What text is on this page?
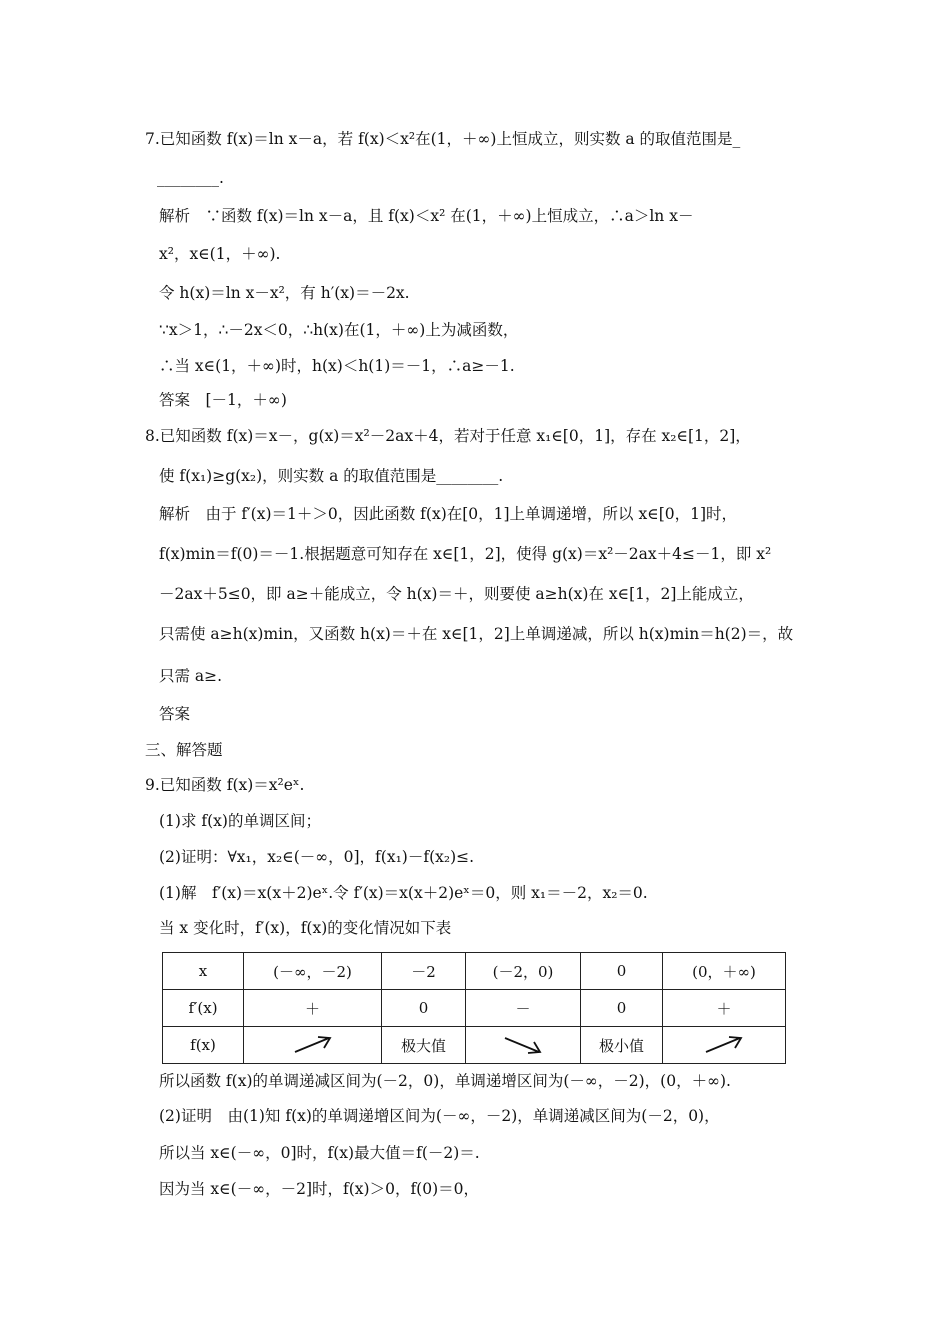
7.已知函数 f(x)＝ln x－a，若 f(x)＜x²在(1，＋∞)上恒成立，则实数 a 的取值范围是_
________.
解析　∵函数 f(x)＝ln x－a，且 f(x)＜x² 在(1，＋∞)上恒成立，∴a＞ln x－
x²，x∈(1，＋∞).
令 h(x)＝ln x－x²，有 h′(x)＝－2x.
∵x＞1，∴－2x＜0，∴h(x)在(1，＋∞)上为减函数，
∴当 x∈(1，＋∞)时，h(x)＜h(1)＝－1，∴a≥－1.
答案　[－1，＋∞)
8.已知函数 f(x)＝x－，g(x)＝x²－2ax＋4，若对于任意 x₁∈[0，1]，存在 x₂∈[1，2]，
使 f(x₁)≥g(x₂)，则实数 a 的取值范围是________.
解析　由于 f′(x)＝1＋＞0，因此函数 f(x)在[0，1]上单调递增，所以 x∈[0，1]时，
f(x)min＝f(0)＝－1.根据题意可知存在 x∈[1，2]，使得 g(x)＝x²－2ax＋4≤－1，即 x²
－2ax＋5≤0，即 a≥＋能成立，令 h(x)＝＋，则要使 a≥h(x)在 x∈[1，2]上能成立，
只需使 a≥h(x)min，又函数 h(x)＝＋在 x∈[1，2]上单调递减，所以 h(x)min＝h(2)＝，故
只需 a≥.
答案
三、解答题
9.已知函数 f(x)＝x²eˣ.
(1)求 f(x)的单调区间；
(2)证明：∀x₁，x₂∈(－∞，0]，f(x₁)－f(x₂)≤.
(1)解　f′(x)＝x(x＋2)eˣ.令 f′(x)＝x(x＋2)eˣ＝0，则 x₁＝－2，x₂＝0.
当 x 变化时，f′(x)，f(x)的变化情况如下表
x	(－∞，－2)	－2	(－2，0)	0	(0，＋∞)
f′(x)	＋	0	－	0	＋
f(x)		极大值		极小值	
所以函数 f(x)的单调递减区间为(－2，0)，单调递增区间为(－∞，－2)，(0，＋∞).
(2)证明　由(1)知 f(x)的单调递增区间为(－∞，－2)，单调递减区间为(－2，0)，
所以当 x∈(－∞，0]时，f(x)最大值＝f(－2)＝.
因为当 x∈(－∞，－2]时，f(x)＞0，f(0)＝0，
